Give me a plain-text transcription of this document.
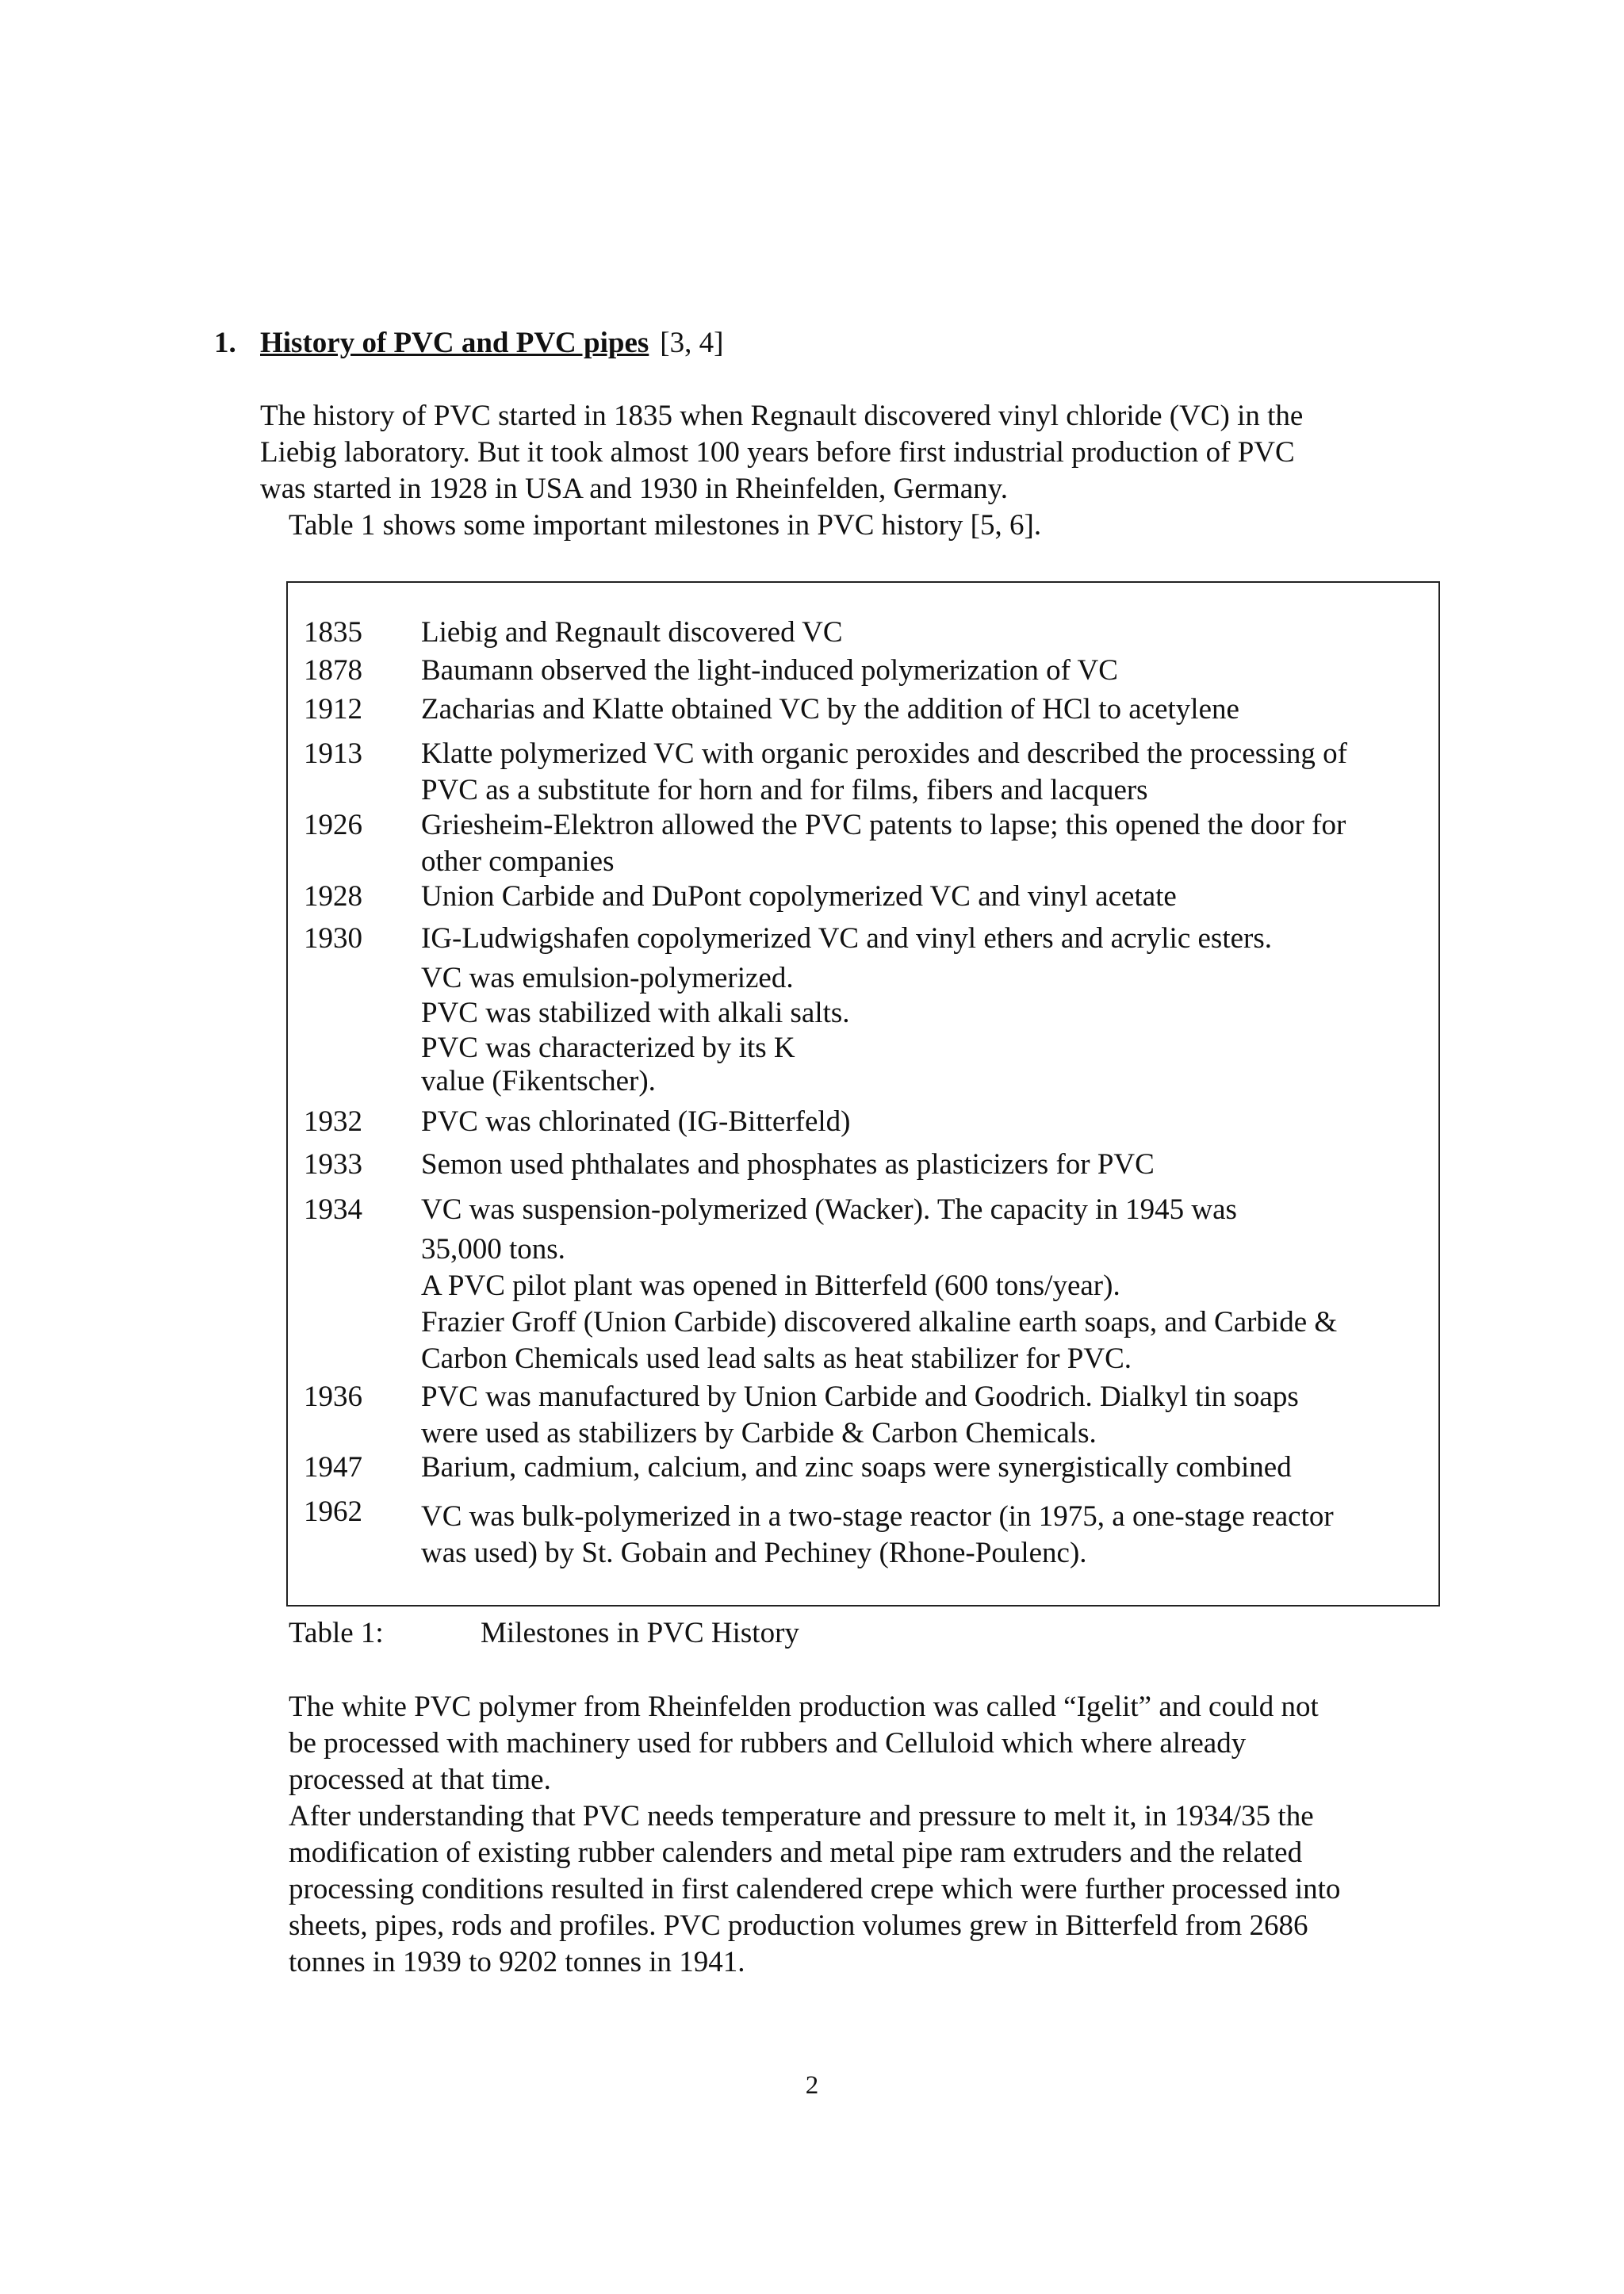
1. History of PVC and PVC pipes [3, 4]

The history of PVC started in 1835 when Regnault discovered vinyl chloride (VC) in the
Liebig laboratory. But it took almost 100 years before first industrial production of PVC
was started in 1928 in USA and 1930 in Rheinfelden, Germany.

Table 1 shows some important milestones in PVC history [5, 6].

1835	Liebig and Regnault discovered VC
1878	Baumann observed the light-induced polymerization of VC
1912	Zacharias and Klatte obtained VC by the addition of HCl to acetylene
1913	Klatte polymerized VC with organic peroxides and described the processing of
PVC as a substitute for horn and for films, fibers and lacquers
1926	Griesheim-Elektron allowed the PVC patents to lapse; this opened the door for
other companies
1928	Union Carbide and DuPont copolymerized VC and vinyl acetate
1930	IG-Ludwigshafen copolymerized VC and vinyl ethers and acrylic esters.
VC was emulsion-polymerized.
PVC was stabilized with alkali salts.
PVC was characterized by its K
value (Fikentscher).
1932	PVC was chlorinated (IG-Bitterfeld)
1933	Semon used phthalates and phosphates as plasticizers for PVC
1934	VC was suspension-polymerized (Wacker). The capacity in 1945 was
35,000 tons.
A PVC pilot plant was opened in Bitterfeld (600 tons/year).
Frazier Groff (Union Carbide) discovered alkaline earth soaps, and Carbide &
Carbon Chemicals used lead salts as heat stabilizer for PVC.
1936	PVC was manufactured by Union Carbide and Goodrich. Dialkyl tin soaps
were used as stabilizers by Carbide & Carbon Chemicals.
1947	Barium, cadmium, calcium, and zinc soaps were synergistically combined
1962	VC was bulk-polymerized in a two-stage reactor (in 1975, a one-stage reactor
was used) by St. Gobain and Pechiney (Rhone-Poulenc).
Table 1:	Milestones in PVC History

The white PVC polymer from Rheinfelden production was called “Igelit” and could not
be processed with machinery used for rubbers and Celluloid which where already
processed at that time.

After understanding that PVC needs temperature and pressure to melt it, in 1934/35 the
modification of existing rubber calenders and metal pipe ram extruders and the related
processing conditions resulted in first calendered crepe which were further processed into
sheets, pipes, rods and profiles. PVC production volumes grew in Bitterfeld from 2686
tonnes in 1939 to 9202 tonnes in 1941.

2
